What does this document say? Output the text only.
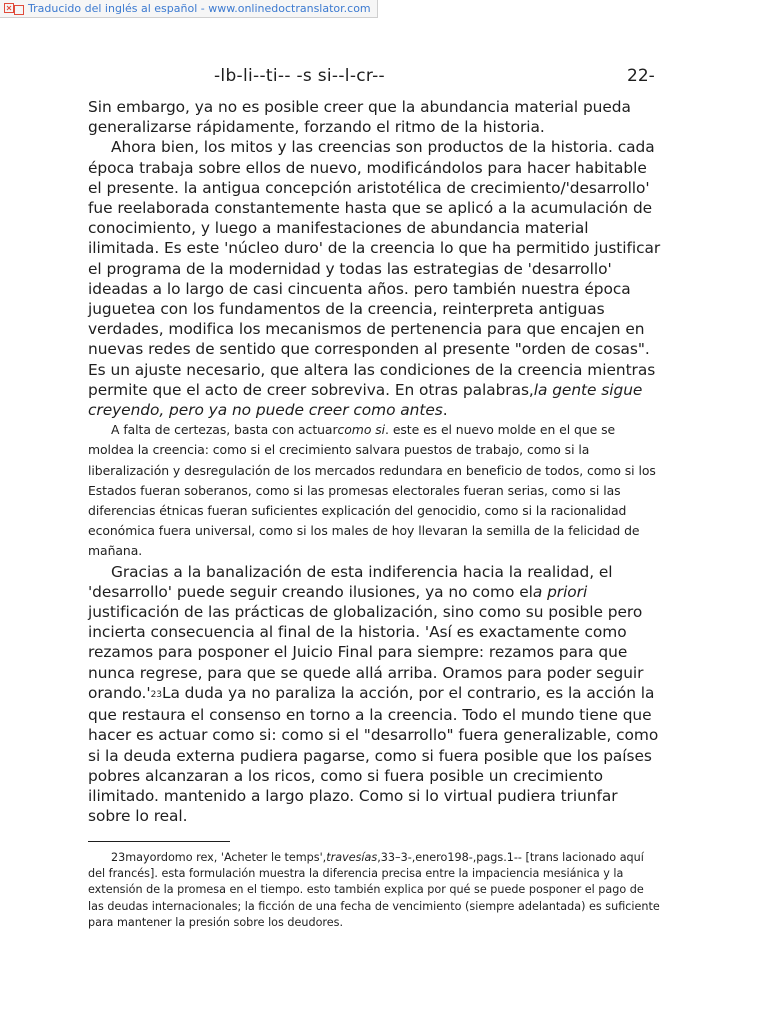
Traducido del inglés al español - www.onlinedoctranslator.com
-lb-li--ti-- -s si--l-cr--	22-

Sin embargo, ya no es posible creer que la abundancia material pueda generalizarse rápidamente, forzando el ritmo de la historia.

Ahora bien, los mitos y las creencias son productos de la historia. cada época trabaja sobre ellos de nuevo, modificándolos para hacer habitable el presente. la antigua concepción aristotélica de crecimiento/'desarrollo' fue reelaborada constantemente hasta que se aplicó a la acumulación de conocimiento, y luego a manifestaciones de abundancia material ilimitada. Es este 'núcleo duro' de la creencia lo que ha permitido justificar el programa de la modernidad y todas las estrategias de 'desarrollo' ideadas a lo largo de casi cincuenta años. pero también nuestra época juguetea con los fundamentos de la creencia, reinterpreta antiguas verdades, modifica los mecanismos de pertenencia para que encajen en nuevas redes de sentido que corresponden al presente "orden de cosas". Es un ajuste necesario, que altera las condiciones de la creencia mientras permite que el acto de creer sobreviva. En otras palabras,la gente sigue creyendo, pero ya no puede creer como antes.

A falta de certezas, basta con actuarcomo si. este es el nuevo molde en el que se moldea la creencia: como si el crecimiento salvara puestos de trabajo, como si la liberalización y desregulación de los mercados redundara en beneficio de todos, como si los Estados fueran soberanos, como si las promesas electorales fueran serias, como si las diferencias étnicas fueran suficientes explicación del genocidio, como si la racionalidad económica fuera universal, como si los males de hoy llevaran la semilla de la felicidad de mañana.

Gracias a la banalización de esta indiferencia hacia la realidad, el 'desarrollo' puede seguir creando ilusiones, ya no como ela priori justificación de las prácticas de globalización, sino como su posible pero incierta consecuencia al final de la historia. 'Así es exactamente como rezamos para posponer el Juicio Final para siempre: rezamos para que nunca regrese, para que se quede allá arriba. Oramos para poder seguir orando.'23La duda ya no paraliza la acción, por el contrario, es la acción la que restaura el consenso en torno a la creencia. Todo el mundo tiene que hacer es actuar como si: como si el "desarrollo" fuera generalizable, como si la deuda externa pudiera pagarse, como si fuera posible que los países pobres alcanzaran a los ricos, como si fuera posible un crecimiento ilimitado. mantenido a largo plazo. Como si lo virtual pudiera triunfar sobre lo real.

23mayordomo rex, 'Acheter le temps',travesías,33–3-,enero198-,pags.1-- [trans lacionado aquí del francés]. esta formulación muestra la diferencia precisa entre la impaciencia mesiánica y la extensión de la promesa en el tiempo. esto también explica por qué se puede posponer el pago de las deudas internacionales; la ficción de una fecha de vencimiento (siempre adelantada) es suficiente para mantener la presión sobre los deudores.
